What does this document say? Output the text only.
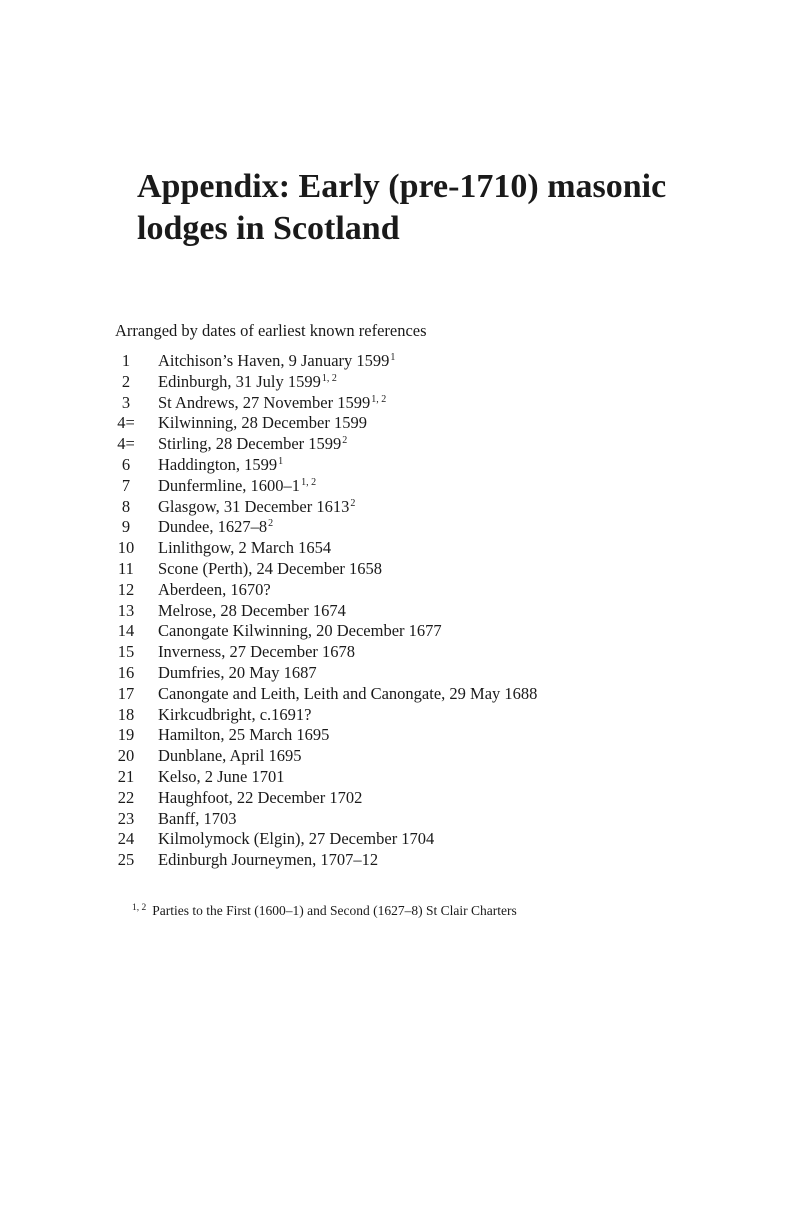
Appendix: Early (pre-1710) masonic
lodges in Scotland

Arranged by dates of earliest known references

1	Aitchison’s Haven, 9 January 1599$^1$
2	Edinburgh, 31 July 1599$^{1, 2}$
3	St Andrews, 27 November 1599$^{1, 2}$
4=	Kilwinning, 28 December 1599
4=	Stirling, 28 December 1599$^2$
6	Haddington, 1599$^1$
7	Dunfermline, 1600–1$^{1, 2}$
8	Glasgow, 31 December 1613$^2$
9	Dundee, $1627-8^2$
10	Linlithgow, 2 March 1654
11	Scone (Perth), 24 December 1658
12	Aberdeen, 1670?
13	Melrose, 28 December 1674
14	Canongate Kilwinning, 20 December 1677
15	Inverness, 27 December 1678
16	Dumfries, 20 May 1687
17	Canongate and Leith, Leith and Canongate, 29 May 1688
18	Kirkcudbright, c.1691?
19	Hamilton, 25 March 1695
20	Dunblane, April 1695
21	Kelso, 2 June 1701
22	Haughfoot, 22 December 1702
23	Banff, 1703
24	Kilmolymock (Elgin), 27 December 1704
25	Edinburgh Journeymen, 1707–12

$^{1, 2}$ Parties to the First (1600–1) and Second (1627–8) St Clair Charters
